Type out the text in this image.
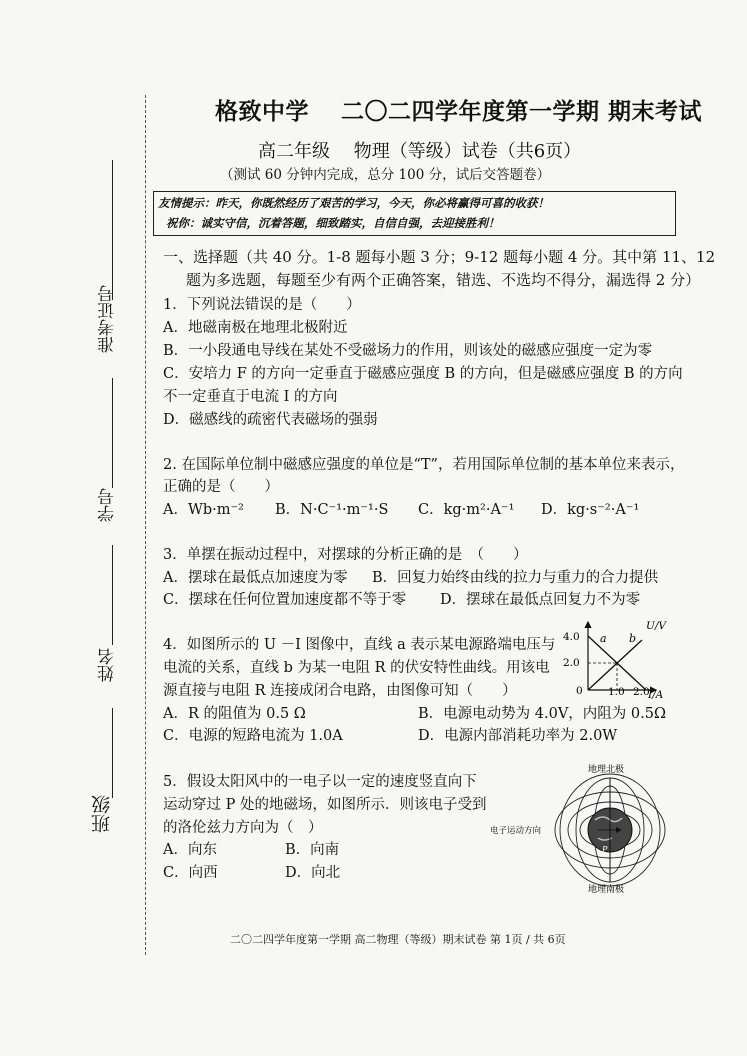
准考证号
学号
姓名
班级
格致中学　 二〇二四学年度第一学期 期末考试
高二年级　 物理（等级）试卷（共6页）
（测试 60 分钟内完成，总分 100 分，试后交答题卷）
友情提示：昨天，你既然经历了艰苦的学习，今天，你必将赢得可喜的收获！
祝你：诚实守信，沉着答题，细致踏实，自信自强，去迎接胜利！
一、选择题（共 40 分。1-8 题每小题 3 分；9-12 题每小题 4 分。其中第 11、12
题为多选题，每题至少有两个正确答案，错选、不选均不得分，漏选得 2 分）
1．下列说法错误的是（　　）
A．地磁南极在地理北极附近
B．一小段通电导线在某处不受磁场力的作用，则该处的磁感应强度一定为零
C．安培力 F 的方向一定垂直于磁感应强度 B 的方向，但是磁感应强度 B 的方向
不一定垂直于电流 I 的方向
D．磁感线的疏密代表磁场的强弱
2. 在国际单位制中磁感应强度的单位是“T”，若用国际单位制的基本单位来表示，
正确的是（　　）
A．Wb·m⁻² B．N·C⁻¹·m⁻¹·S C．kg·m²·A⁻¹ D．kg·s⁻²·A⁻¹
3．单摆在振动过程中，对摆球的分析正确的是　（　　）
A．摆球在最低点加速度为零 B．回复力始终由线的拉力与重力的合力提供
C．摆球在任何位置加速度都不等于零 D．摆球在最低点回复力不为零
4．如图所示的 U －I 图像中，直线 a 表示某电源路端电压与
电流的关系，直线 b 为某一电阻 R 的伏安特性曲线。用该电
源直接与电阻 R 连接成闭合电路，由图像可知（　　）
A．R 的阻值为 0.5 Ω	B．电源电动势为 4.0V，内阻为 0.5Ω
C．电源的短路电流为 1.0A	D．电源内部消耗功率为 2.0W
4.0
2.0
0 1.0 2.0
U/V
I/A
a b
5．假设太阳风中的一电子以一定的速度竖直向下
运动穿过 P 处的地磁场，如图所示．则该电子受到
的洛伦兹力方向为（　）
A．向东	B．向南
C．向西	D．向北
地理北极
地理南极
电子运动方向
P
二〇二四学年度第一学期 高二物理（等级）期末试卷 第 1页 / 共 6页
